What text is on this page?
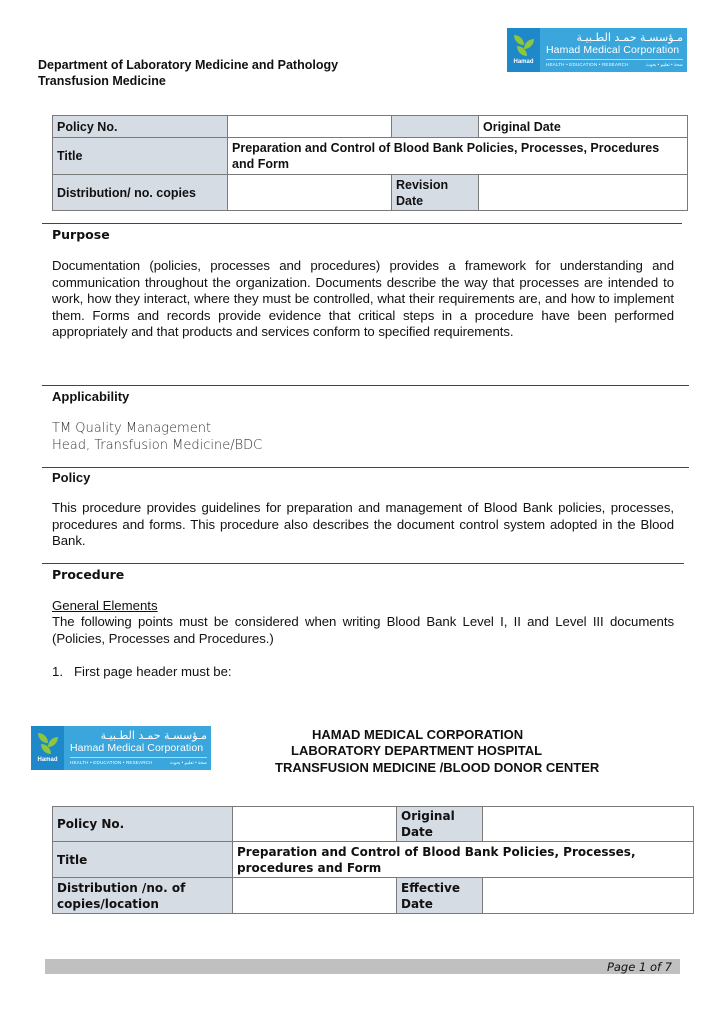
Department of Laboratory Medicine and Pathology
Transfusion Medicine
Hamad
مـؤسسـة حمـد الطـبيـة
Hamad Medical Corporation
HEALTH • EDUCATION • RESEARCH	صحة • تعليم • بحوث
Policy No.			Original Date
Title	Preparation and Control of Blood Bank Policies, Processes, Procedures and Form		
Distribution/ no. copies		Revision Date	
Purpose
Documentation (policies, processes and procedures) provides a framework for understanding and communication throughout the organization. Documents describe the way that processes are intended to work, how they interact, where they must be controlled, what their requirements are, and how to implement them. Forms and records provide evidence that critical steps in a procedure have been performed appropriately and that products and services conform to specified requirements.
Applicability
TM Quality Management
Head, Transfusion Medicine/BDC
Policy
This procedure provides guidelines for preparation and management of Blood Bank policies, processes, procedures and forms. This procedure also describes the document control system adopted in the Blood Bank.
Procedure
General Elements
The following points must be considered when writing Blood Bank Level I, II and Level III documents (Policies, Processes and Procedures.)
1. First page header must be:
Hamad
مـؤسسـة حمـد الطـبيـة
Hamad Medical Corporation
HEALTH • EDUCATION • RESEARCH	صحة • تعليم • بحوث
HAMAD MEDICAL CORPORATION
LABORATORY DEPARTMENT HOSPITAL
TRANSFUSION MEDICINE /BLOOD DONOR CENTER
Policy No.		Original Date	
Title	Preparation and Control of Blood Bank Policies, Processes, procedures and Form		
Distribution /no. of copies/location		Effective Date	
Page 1 of 7
